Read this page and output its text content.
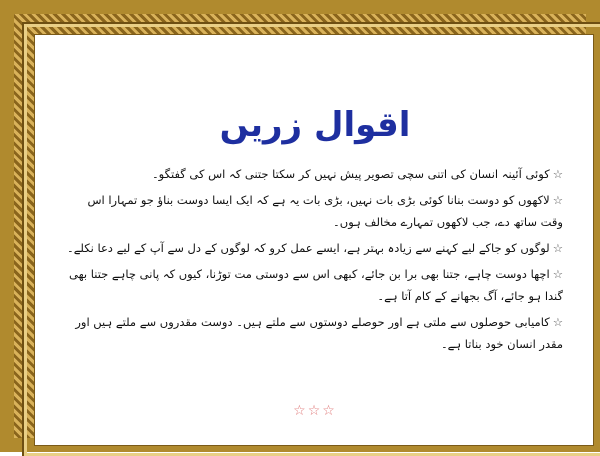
اقوال زریں
☆کوئی آئینہ انسان کی اتنی سچی تصویر پیش نہیں کر سکتا جتنی کہ اس کی گفتگو۔
☆لاکھوں کو دوست بنانا کوئی بڑی بات نہیں، بڑی بات یہ ہے کہ ایک ایسا دوست بناؤ جو تمہارا اس وقت ساتھ دے، جب لاکھوں تمہارے مخالف ہوں۔
☆لوگوں کو جاکے لیے کہنے سے زیادہ بہتر ہے، ایسے عمل کرو کہ لوگوں کے دل سے آپ کے لیے دعا نکلے۔
☆اچھا دوست چاہے، جتنا بھی برا بن جائے، کبھی اس سے دوستی مت توڑنا، کیوں کہ پانی چاہے جتنا بھی گندا ہو جائے، آگ بجھانے کے کام آتا ہے۔
☆کامیابی حوصلوں سے ملتی ہے اور حوصلے دوستوں سے ملتے ہیں۔ دوست مقدروں سے ملتے ہیں اور مقدر انسان خود بناتا ہے۔
☆☆☆
